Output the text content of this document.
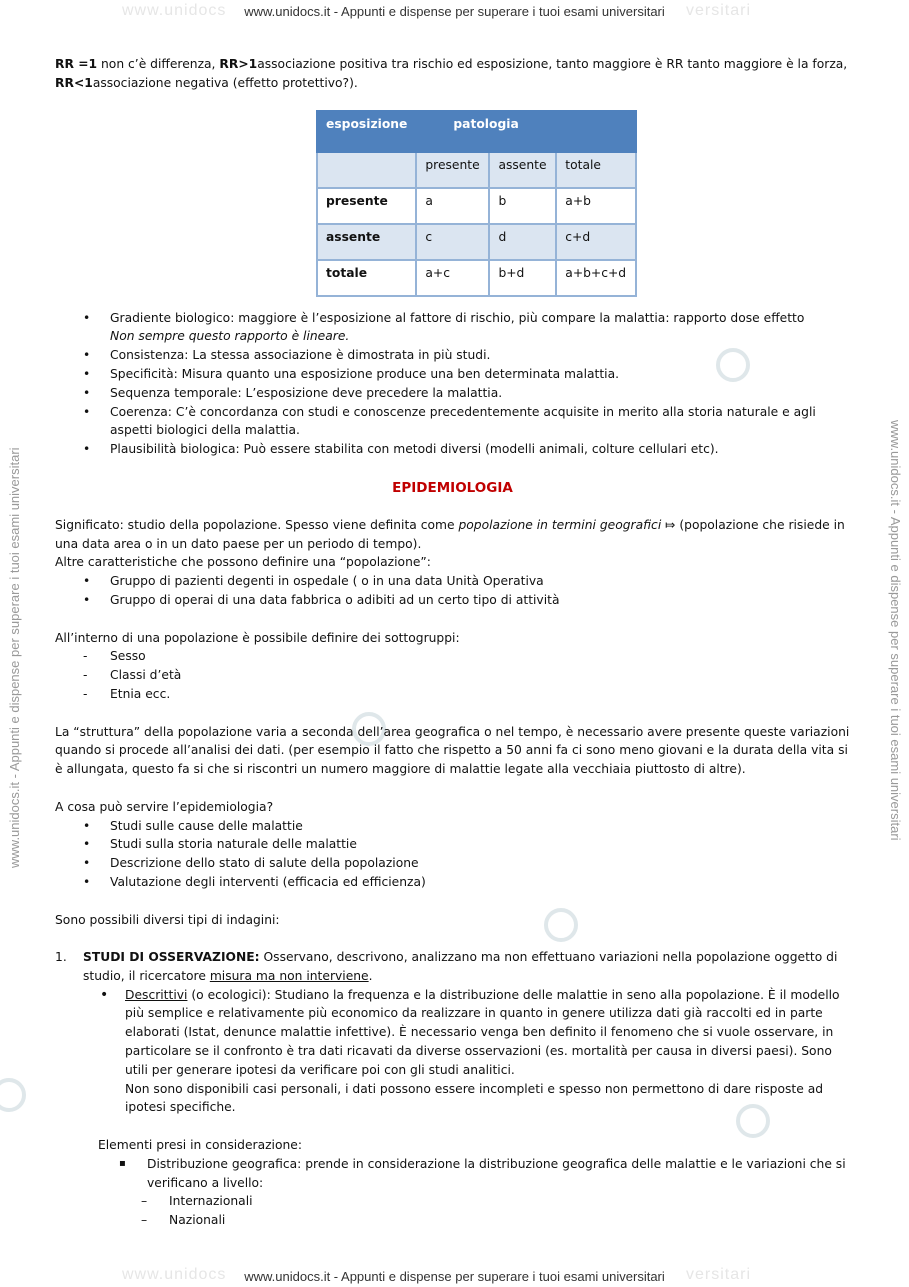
www.unidocs	versitari
www.unidocs.it - Appunti e dispense per superare i tuoi esami universitari
www.unidocs	versitari
www.unidocs.it - Appunti e dispense per superare i tuoi esami universitari
www.unidocs.it - Appunti e dispense per superare i tuoi esami universitari	www.unidocs.it - Appunti e dispense per superare i tuoi esami universitari
esposizione	patologia		
	presente	assente	totale
presente	a	b	a+b
assente	c	d	c+d
totale	a+c	b+d	a+b+c+d

RR =1 non c’è differenza, RR>1associazione positiva tra rischio ed esposizione, tanto maggiore è RR tanto maggiore è la forza,
RR<1associazione negativa (effetto protettivo?).

• Gradiente biologico: maggiore è l’esposizione al fattore di rischio, più compare la malattia: rapporto dose effetto
Non sempre questo rapporto è lineare.
• Consistenza: La stessa associazione è dimostrata in più studi.
• Specificità: Misura quanto una esposizione produce una ben determinata malattia.
• Sequenza temporale: L’esposizione deve precedere la malattia.
• Coerenza: C’è concordanza con studi e conoscenze precedentemente acquisite in merito alla storia naturale e agli aspetti biologici della malattia.
• Plausibilità biologica: Può essere stabilita con metodi diversi (modelli animali, colture cellulari etc).

EPIDEMIOLOGIA

Significato: studio della popolazione. Spesso viene definita come popolazione in termini geografici ⤇ (popolazione che risiede in una data area o in un dato paese per un periodo di tempo).
Altre caratteristiche che possono definire una “popolazione”:

• Gruppo di pazienti degenti in ospedale ( o in una data Unità Operativa
• Gruppo di operai di una data fabbrica o adibiti ad un certo tipo di attività

All’interno di una popolazione è possibile definire dei sottogruppi:

- Sesso
- Classi d’età
- Etnia ecc.

La “struttura” della popolazione varia a seconda dell’area geografica o nel tempo, è necessario avere presente queste variazioni quando si procede all’analisi dei dati. (per esempio il fatto che rispetto a 50 anni fa ci sono meno giovani e la durata della vita si è allungata, questo fa si che si riscontri un numero maggiore di malattie legate alla vecchiaia piuttosto di altre).

A cosa può servire l’epidemiologia?

• Studi sulle cause delle malattie
• Studi sulla storia naturale delle malattie
• Descrizione dello stato di salute della popolazione
• Valutazione degli interventi (efficacia ed efficienza)

Sono possibili diversi tipi di indagini:

1. STUDI DI OSSERVAZIONE: Osservano, descrivono, analizzano ma non effettuano variazioni nella popolazione oggetto di studio, il ricercatore misura ma non interviene.

• Descrittivi (o ecologici): Studiano la frequenza e la distribuzione delle malattie in seno alla popolazione. È il modello più semplice e relativamente più economico da realizzare in quanto in genere utilizza dati già raccolti ed in parte elaborati (Istat, denunce malattie infettive). È necessario venga ben definito il fenomeno che si vuole osservare, in particolare se il confronto è tra dati ricavati da diverse osservazioni (es. mortalità per causa in diversi paesi). Sono utili per generare ipotesi da verificare poi con gli studi analitici.
Non sono disponibili casi personali, i dati possono essere incompleti e spesso non permettono di dare risposte ad ipotesi specifiche.

Elementi presi in considerazione:

▪ Distribuzione geografica: prende in considerazione la distribuzione geografica delle malattie e le variazioni che si verificano a livello:

– Internazionali

– Nazionali
